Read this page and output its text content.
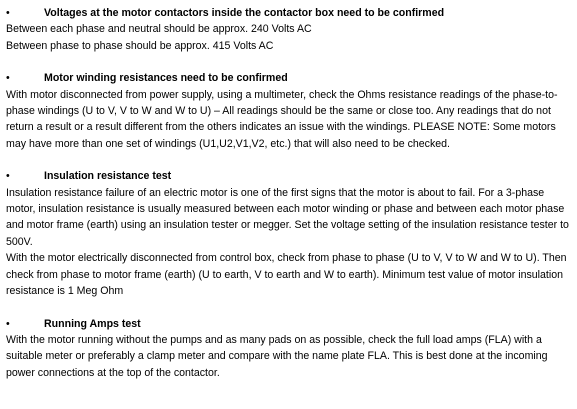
•	Voltages at the motor contactors inside the contactor box need to be confirmed

Between each phase and neutral should be approx. 240 Volts AC

Between phase to phase should be approx. 415 Volts AC

•	Motor winding resistances need to be confirmed

With motor disconnected from power supply, using a multimeter, check the Ohms resistance readings of the phase-to-phase windings (U to V, V to W and W to U) – All readings should be the same or close too. Any readings that do not return a result or a result different from the others indicates an issue with the windings. PLEASE NOTE: Some motors may have more than one set of windings (U1,U2,V1,V2, etc.) that will also need to be checked.

•	Insulation resistance test

Insulation resistance failure of an electric motor is one of the first signs that the motor is about to fail. For a 3-phase motor, insulation resistance is usually measured between each motor winding or phase and between each motor phase and motor frame (earth) using an insulation tester or megger. Set the voltage setting of the insulation resistance tester to 500V.

With the motor electrically disconnected from control box, check from phase to phase (U to V, V to W and W to U). Then check from phase to motor frame (earth) (U to earth, V to earth and W to earth). Minimum test value of motor insulation resistance is 1 Meg Ohm

•	Running Amps test

With the motor running without the pumps and as many pads on as possible, check the full load amps (FLA) with a suitable meter or preferably a clamp meter and compare with the name plate FLA. This is best done at the incoming power connections at the top of the contactor.
